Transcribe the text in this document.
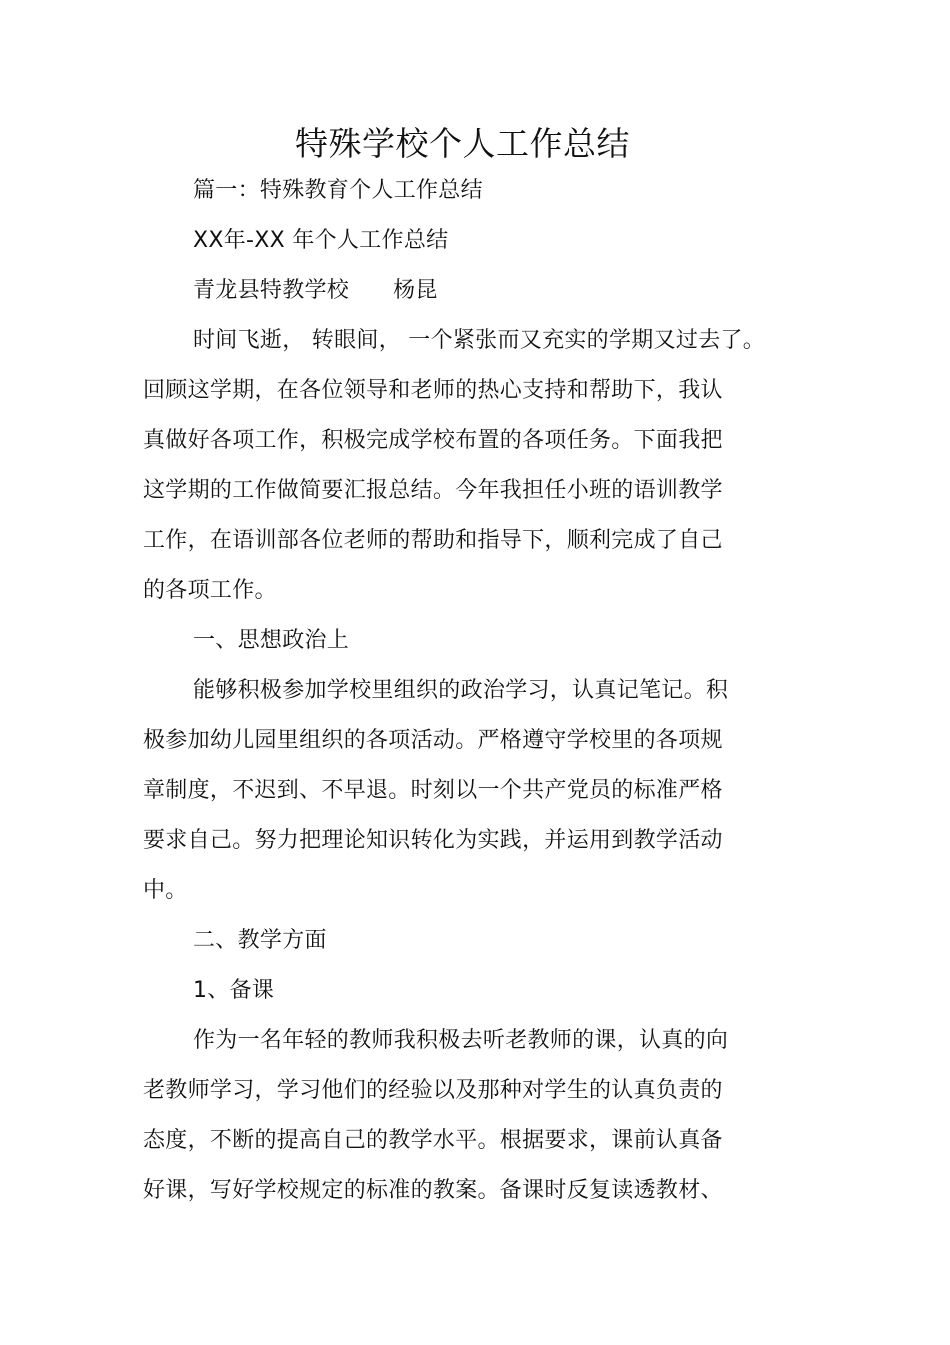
特殊学校个人工作总结
篇一：特殊教育个人工作总结
XX年-XX 年个人工作总结
青龙县特教学校 杨昆
时间飞逝， 转眼间， 一个紧张而又充实的学期又过去了。
回顾这学期，在各位领导和老师的热心支持和帮助下，我认
真做好各项工作，积极完成学校布置的各项任务。下面我把
这学期的工作做简要汇报总结。今年我担任小班的语训教学
工作，在语训部各位老师的帮助和指导下，顺利完成了自己
的各项工作。
一、思想政治上
能够积极参加学校里组织的政治学习，认真记笔记。积
极参加幼儿园里组织的各项活动。严格遵守学校里的各项规
章制度，不迟到、不早退。时刻以一个共产党员的标准严格
要求自己。努力把理论知识转化为实践，并运用到教学活动
中。
二、教学方面
1、备课
作为一名年轻的教师我积极去听老教师的课，认真的向
老教师学习，学习他们的经验以及那种对学生的认真负责的
态度，不断的提高自己的教学水平。根据要求，课前认真备
好课，写好学校规定的标准的教案。备课时反复读透教材、
